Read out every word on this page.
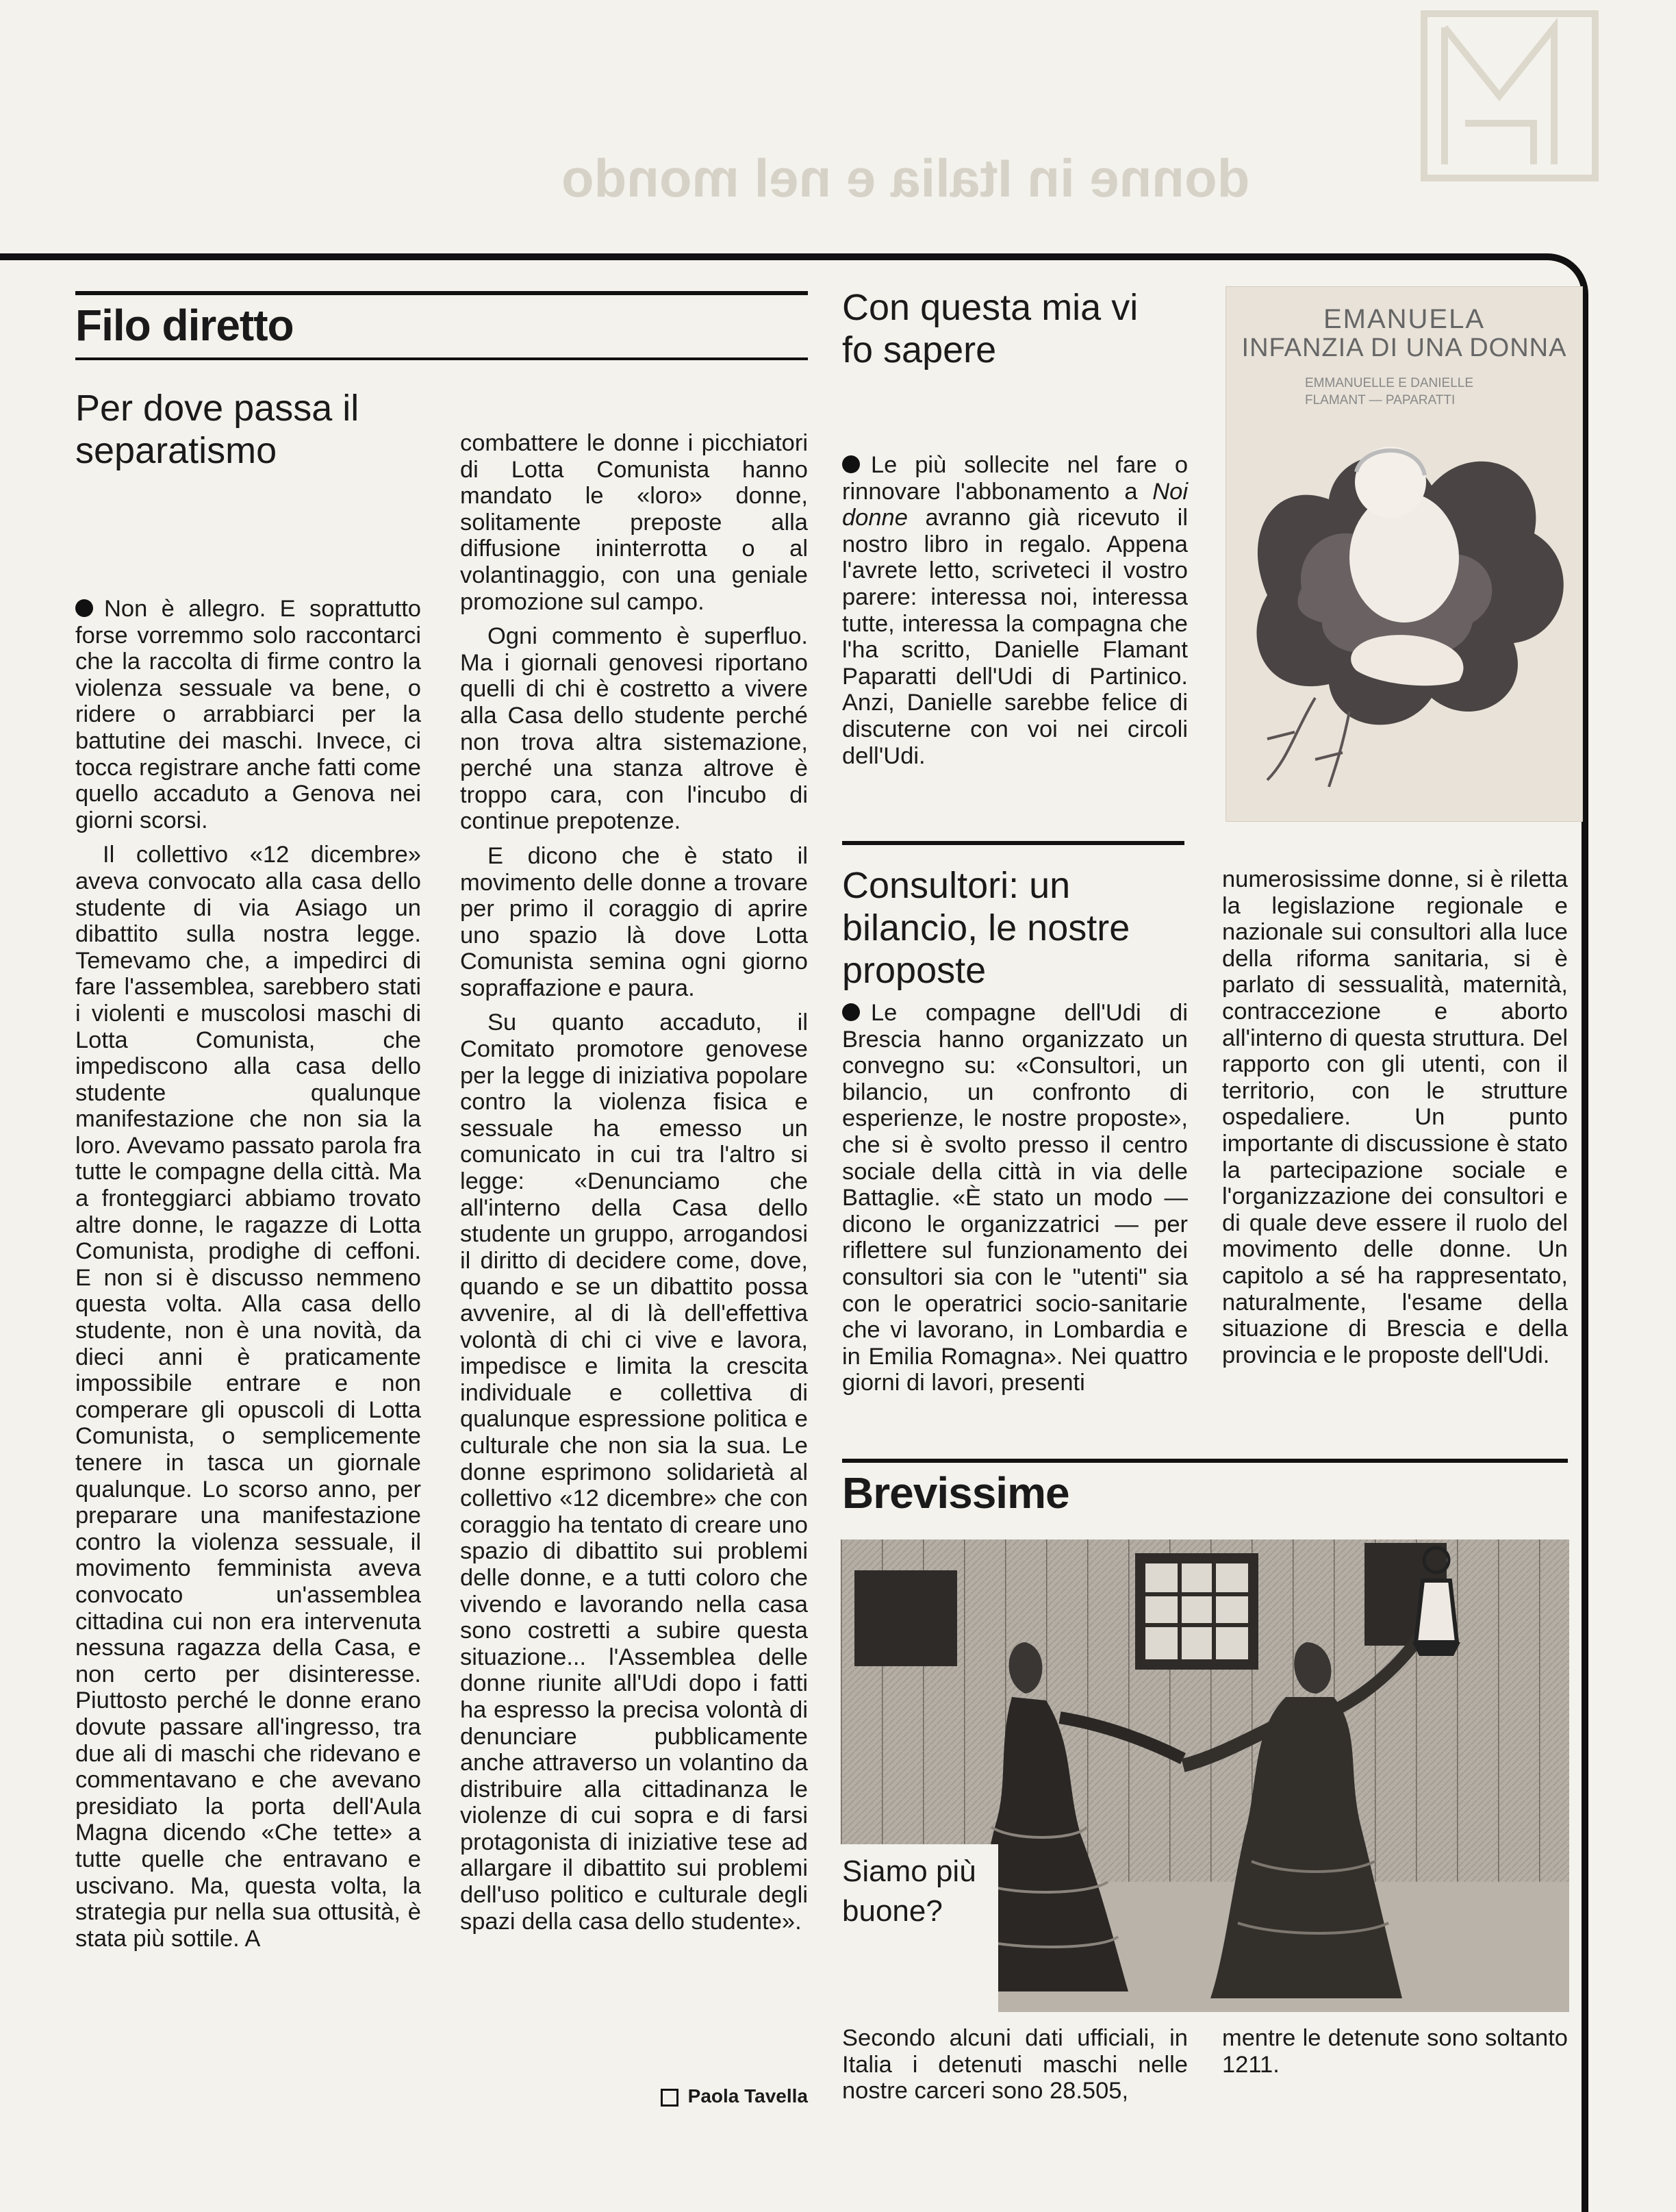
donne in Italia e nel mondo
Filo diretto
Per dove passa il separatismo

Non è allegro. E soprattutto forse vorremmo solo raccontarci che la raccolta di firme contro la violenza sessuale va bene, o ridere o arrabbiarci per la battutine dei maschi. Invece, ci tocca registrare anche fatti come quello accaduto a Genova nei giorni scorsi.

Il collettivo «12 dicembre» aveva convocato alla casa dello studente di via Asiago un dibattito sulla nostra legge. Temevamo che, a impedirci di fare l'assemblea, sarebbero stati i violenti e muscolosi maschi di Lotta Comunista, che impediscono alla casa dello studente qualunque manifestazione che non sia la loro. Avevamo passato parola fra tutte le compagne della città. Ma a fronteggiarci abbiamo trovato altre donne, le ragazze di Lotta Comunista, prodighe di ceffoni. E non si è discusso nemmeno questa volta. Alla casa dello studente, non è una novità, da dieci anni è praticamente impossibile entrare e non comperare gli opuscoli di Lotta Comunista, o semplicemente tenere in tasca un giornale qualunque. Lo scorso anno, per preparare una manifestazione contro la violenza sessuale, il movimento femminista aveva convocato un'assemblea cittadina cui non era intervenuta nessuna ragazza della Casa, e non certo per disinteresse. Piuttosto perché le donne erano dovute passare all'ingresso, tra due ali di maschi che ridevano e commentavano e che avevano presidiato la porta dell'Aula Magna dicendo «Che tette» a tutte quelle che entravano e uscivano. Ma, questa volta, la strategia pur nella sua ottusità, è stata più sottile. A

combattere le donne i picchiatori di Lotta Comunista hanno mandato le «loro» donne, solitamente preposte alla diffusione ininterrotta o al volantinaggio, con una geniale promozione sul campo.

Ogni commento è superfluo. Ma i giornali genovesi riportano quelli di chi è costretto a vivere alla Casa dello studente perché non trova altra sistemazione, perché una stanza altrove è troppo cara, con l'incubo di continue prepotenze.

E dicono che è stato il movimento delle donne a trovare per primo il coraggio di aprire uno spazio là dove Lotta Comunista semina ogni giorno sopraffazione e paura.

Su quanto accaduto, il Comitato promotore genovese per la legge di iniziativa popolare contro la violenza fisica e sessuale ha emesso un comunicato in cui tra l'altro si legge: «Denunciamo che all'interno della Casa dello studente un gruppo, arrogandosi il diritto di decidere come, dove, quando e se un dibattito possa avvenire, al di là dell'effettiva volontà di chi ci vive e lavora, impedisce e limita la crescita individuale e collettiva di qualunque espressione politica e culturale che non sia la sua. Le donne esprimono solidarietà al collettivo «12 dicembre» che con coraggio ha tentato di creare uno spazio di dibattito sui problemi delle donne, e a tutti coloro che vivendo e lavorando nella casa sono costretti a subire questa situazione... l'Assemblea delle donne riunite all'Udi dopo i fatti ha espresso la precisa volontà di denunciare pubblicamente anche attraverso un volantino da distribuire alla cittadinanza le violenze di cui sopra e di farsi protagonista di iniziative tese ad allargare il dibattito sui problemi dell'uso politico e culturale degli spazi della casa dello studente».

Paola Tavella
Con questa mia vi fo sapere

Le più sollecite nel fare o rinnovare l'abbonamento a Noi donne avranno già ricevuto il nostro libro in regalo. Appena l'avrete letto, scriveteci il vostro parere: interessa noi, interessa tutte, interessa la compagna che l'ha scritto, Danielle Flamant Paparatti dell'Udi di Partinico. Anzi, Danielle sarebbe felice di discuterne con voi nei circoli dell'Udi.

EMANUELA
INFANZIA DI UNA DONNA
EMMANUELLE E DANIELLE
FLAMANT — PAPARATTI
Consultori: un bilancio, le nostre proposte

Le compagne dell'Udi di Brescia hanno organizzato un convegno su: «Consultori, un bilancio, un confronto di esperienze, le nostre proposte», che si è svolto presso il centro sociale della città in via delle Battaglie. «È stato un modo — dicono le organizzatrici — per riflettere sul funzionamento dei consultori sia con le "utenti" sia con le operatrici socio-sanitarie che vi lavorano, in Lombardia e in Emilia Romagna». Nei quattro giorni di lavori, presenti

numerosissime donne, si è riletta la legislazione regionale e nazionale sui consultori alla luce della riforma sanitaria, si è parlato di sessualità, maternità, contraccezione e aborto all'interno di questa struttura. Del rapporto con gli utenti, con il territorio, con le strutture ospedaliere. Un punto importante di discussione è stato la partecipazione sociale e l'organizzazione dei consultori e di quale deve essere il ruolo del movimento delle donne. Un capitolo a sé ha rappresentato, naturalmente, l'esame della situazione di Brescia e della provincia e le proposte dell'Udi.

Brevissime
Siamo più buone?

Secondo alcuni dati ufficiali, in Italia i detenuti maschi nelle nostre carceri sono 28.505,

mentre le detenute sono soltanto 1211.
